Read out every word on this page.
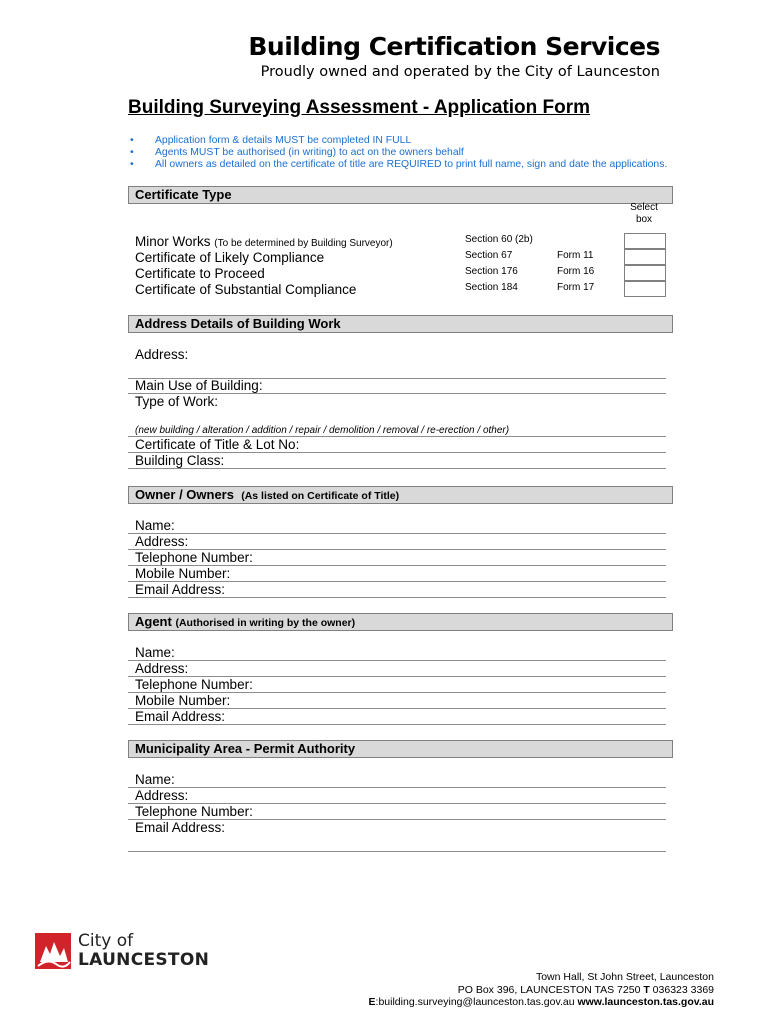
Building Certification Services
Proudly owned and operated by the City of Launceston
Building Surveying Assessment - Application Form
• Application form & details MUST be completed IN FULL
• Agents MUST be authorised (in writing) to act on the owners behalf
• All owners as detailed on the certificate of title are REQUIRED to print full name, sign and date the applications.
Certificate Type
Select
box
Minor Works (To be determined by Building Surveyor)	Section 60 (2b)
Certificate of Likely Compliance	Section 67	Form 11
Certificate to Proceed	Section 176	Form 16
Certificate of Substantial Compliance	Section 184	Form 17
Address Details of Building Work
Address:
Main Use of Building:
Type of Work:
(new building / alteration / addition / repair / demolition / removal / re-erection / other)
Certificate of Title & Lot No:
Building Class:
Owner / Owners (As listed on Certificate of Title)
Name:
Address:
Telephone Number:
Mobile Number:
Email Address:
Agent (Authorised in writing by the owner)
Name:
Address:
Telephone Number:
Mobile Number:
Email Address:
Municipality Area - Permit Authority
Name:
Address:
Telephone Number:
Email Address:
City of
LAUNCESTON
Town Hall, St John Street, Launceston
PO Box 396, LAUNCESTON TAS 7250 T 036323 3369
E:building.surveying@launceston.tas.gov.au www.launceston.tas.gov.au
